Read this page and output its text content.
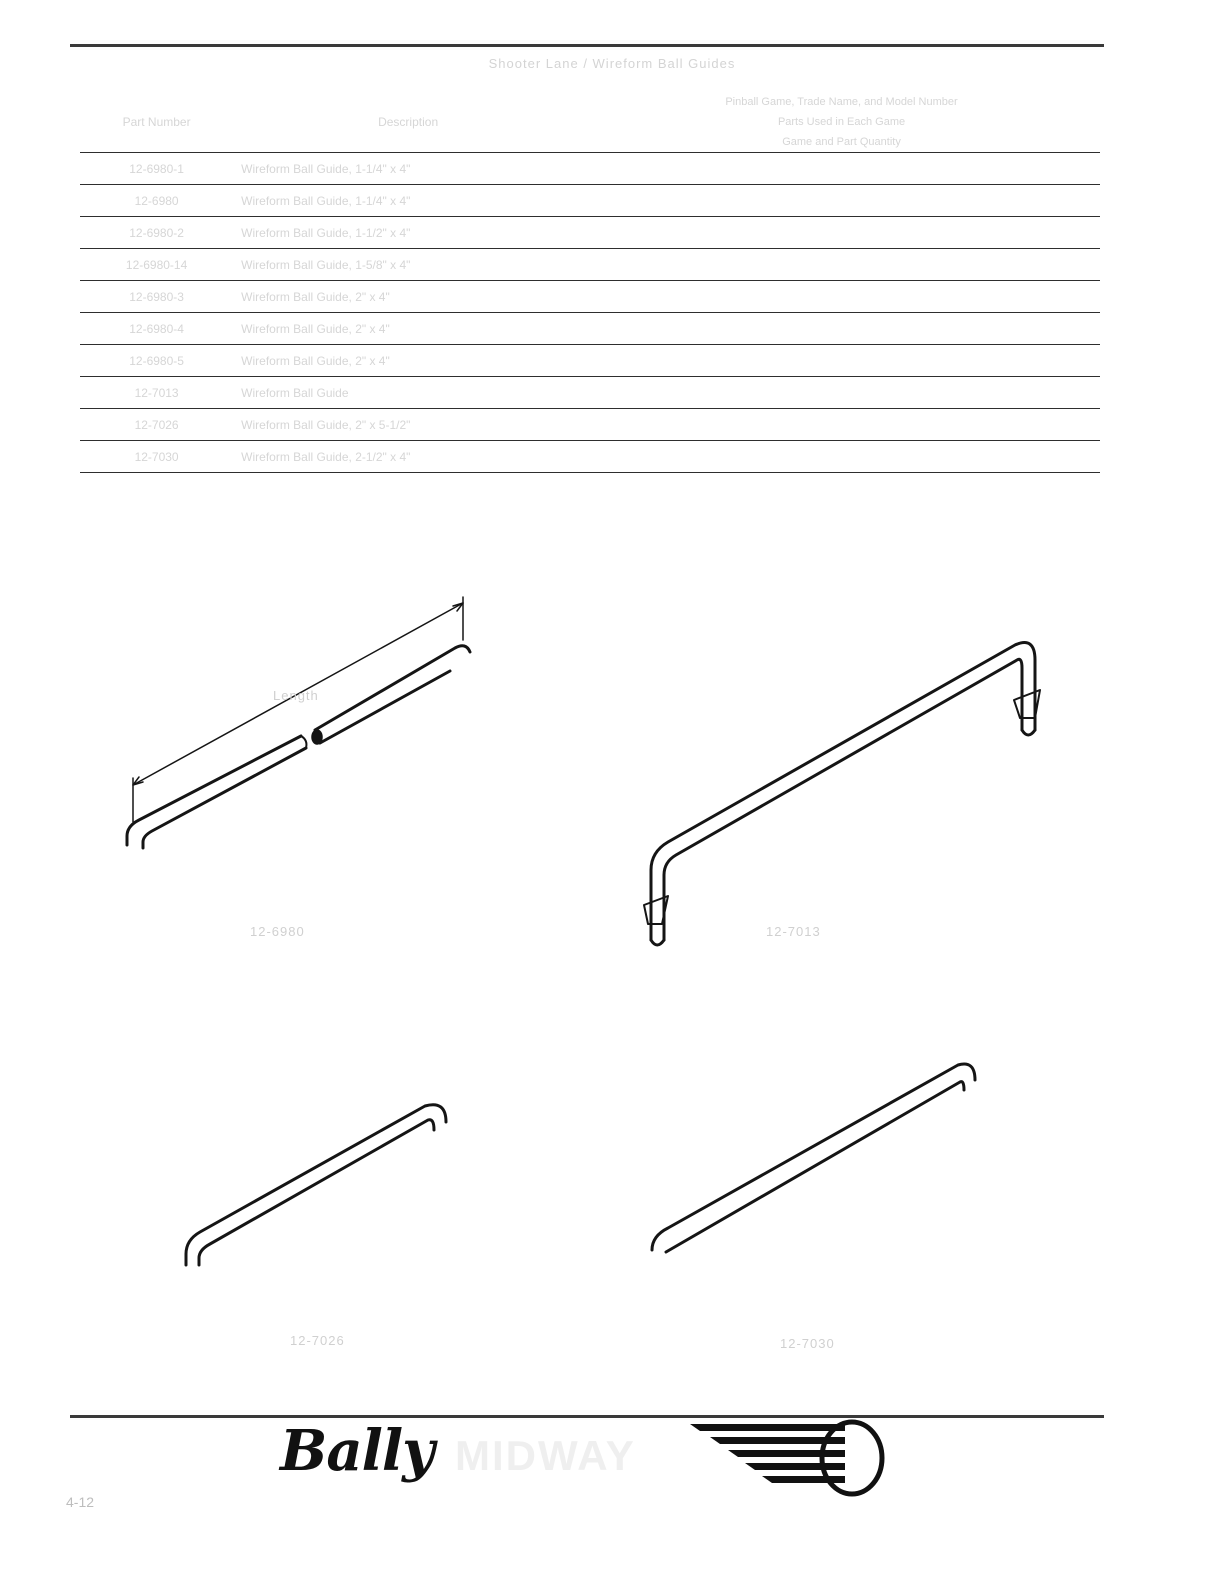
Shooter Lane / Wireform Ball Guides
Part Number	Description	Pinball Game, Trade Name, and Model Number
Parts Used in Each Game
Game and Part Quantity						

12-6980-1	Wireform Ball Guide, 1-1/4" x 4"							
12-6980	Wireform Ball Guide, 1-1/4" x 4"							
12-6980-2	Wireform Ball Guide, 1-1/2" x 4"							
12-6980-14	Wireform Ball Guide, 1-5/8" x 4"							
12-6980-3	Wireform Ball Guide, 2" x 4"							
12-6980-4	Wireform Ball Guide, 2" x 4"							
12-6980-5	Wireform Ball Guide, 2" x 4"							
12-7013	Wireform Ball Guide							
12-7026	Wireform Ball Guide, 2" x 5-1/2"							
12-7030	Wireform Ball Guide, 2-1/2" x 4"							
Length
12-6980	12-7013
12-7026	12-7030
Bally MIDWAY
4-12
